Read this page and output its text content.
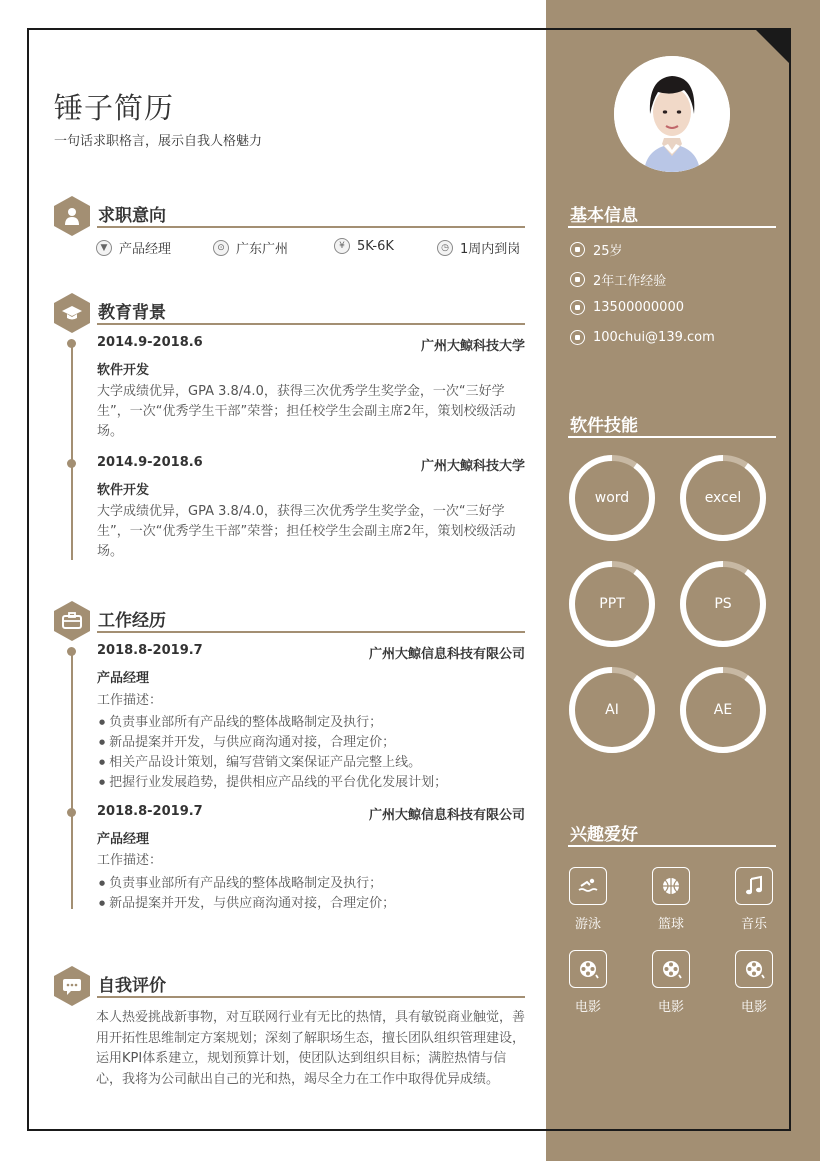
锤子简历
一句话求职格言，展示自我人格魅力
求职意向
▼ 产品经理	⊙ 广东广州	¥ 5K-6K	◷ 1周内到岗
教育背景
2014.9-2018.6	广州大鲸科技大学
软件开发
大学成绩优异，GPA 3.8/4.0，获得三次优秀学生奖学金，一次“三好学生”，一次“优秀学生干部”荣誉；担任校学生会副主席2年，策划校级活动场。
2014.9-2018.6	广州大鲸科技大学
软件开发
大学成绩优异，GPA 3.8/4.0，获得三次优秀学生奖学金，一次“三好学生”，一次“优秀学生干部”荣誉；担任校学生会副主席2年，策划校级活动场。
工作经历
2018.8-2019.7	广州大鲸信息科技有限公司
产品经理
工作描述：
● 负责事业部所有产品线的整体战略制定及执行；
● 新品提案并开发，与供应商沟通对接，合理定价；
● 相关产品设计策划，编写营销文案保证产品完整上线。
● 把握行业发展趋势，提供相应产品线的平台优化发展计划；
2018.8-2019.7	广州大鲸信息科技有限公司
产品经理
工作描述：
● 负责事业部所有产品线的整体战略制定及执行；
● 新品提案并开发，与供应商沟通对接，合理定价；
自我评价
本人热爱挑战新事物，对互联网行业有无比的热情，具有敏锐商业触觉，善用开拓性思维制定方案规划；深刻了解职场生态，擅长团队组织管理建设，运用KPI体系建立，规划预算计划，使团队达到组织目标；满腔热情与信心，我将为公司献出自己的光和热，竭尽全力在工作中取得优异成绩。
基本信息
25岁
2年工作经验
13500000000
100chui@139.com
软件技能
word	excel
PPT	PS
AI	AE
兴趣爱好
游泳	篮球	音乐
电影	电影	电影
